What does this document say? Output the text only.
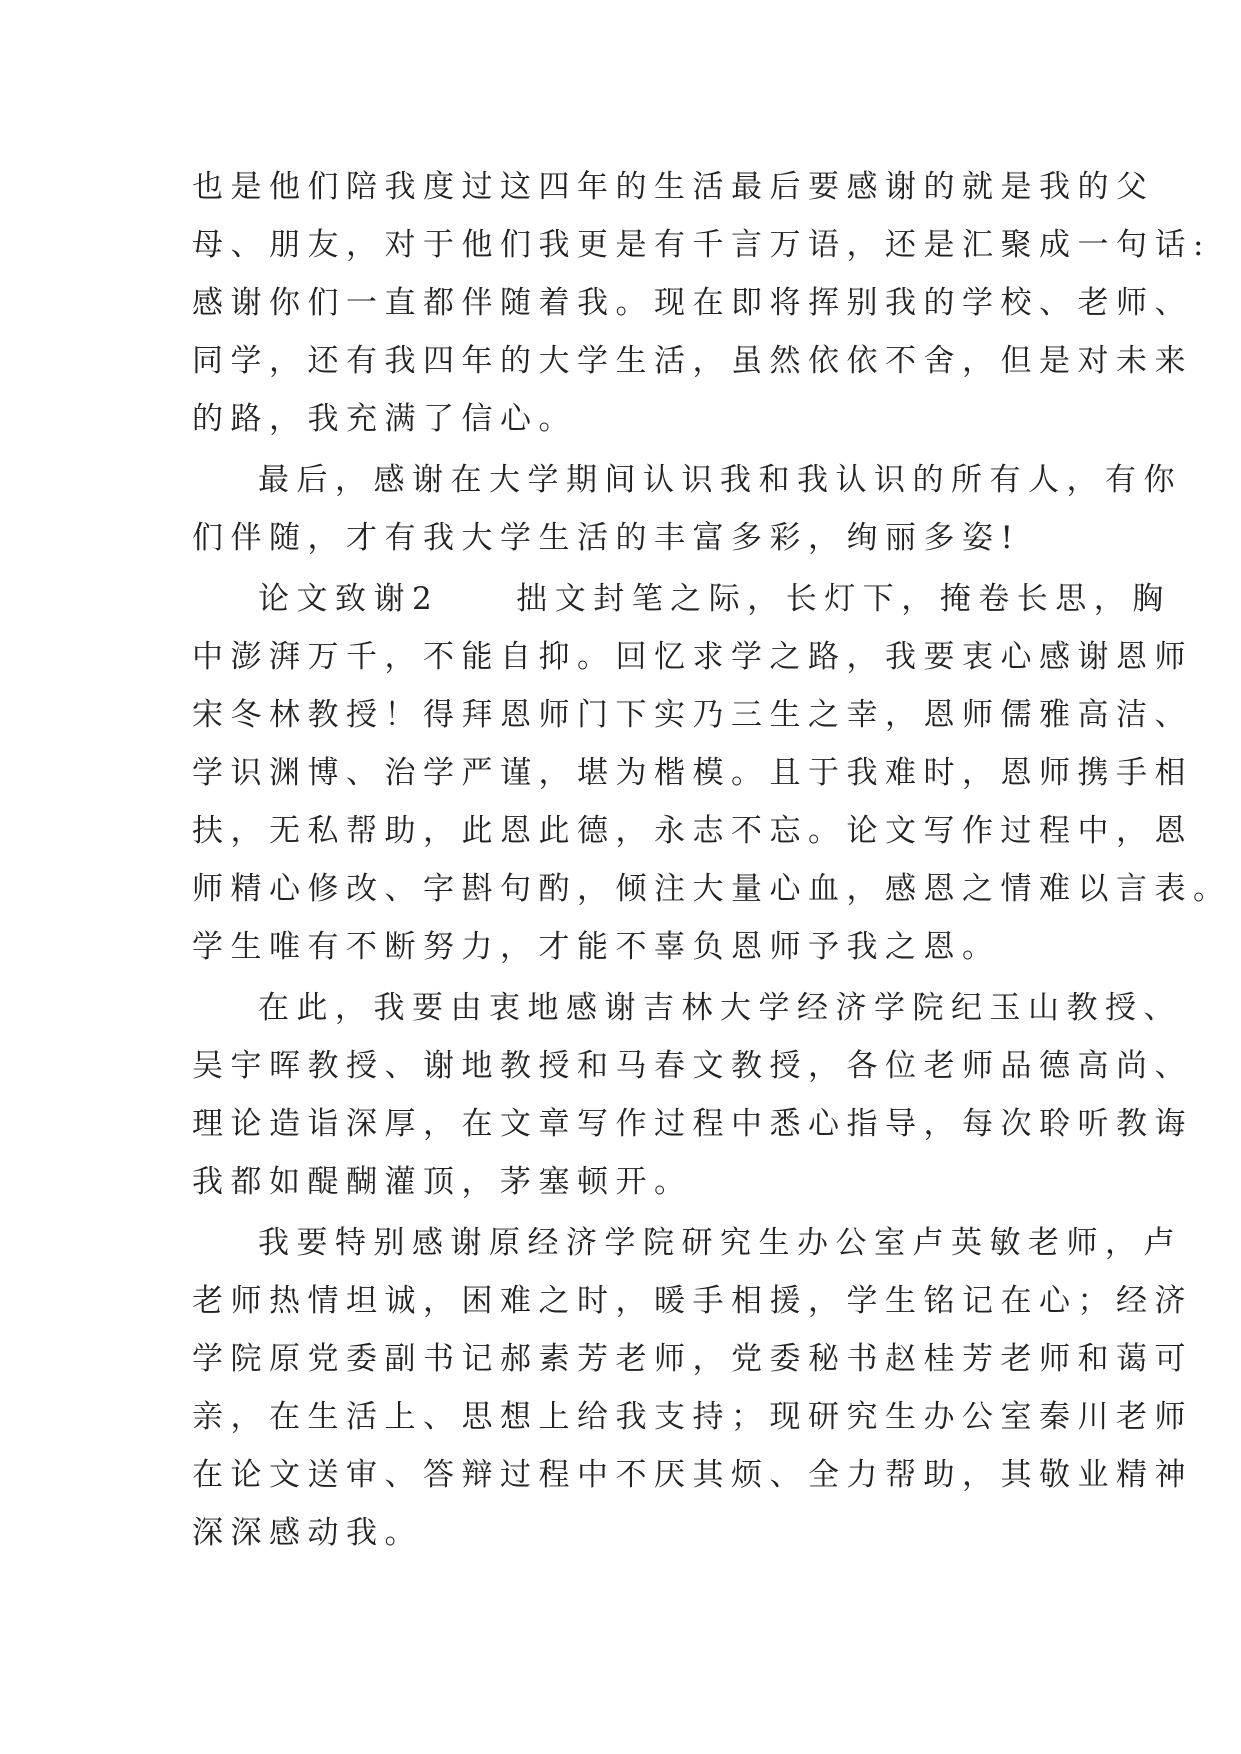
也是他们陪我度过这四年的生活最后要感谢的就是我的父
母、朋友，对于他们我更是有千言万语，还是汇聚成一句话:
感谢你们一直都伴随着我。现在即将挥别我的学校、老师、
同学，还有我四年的大学生活，虽然依依不舍，但是对未来
的路，我充满了信心。
最后，感谢在大学期间认识我和我认识的所有人，有你
们伴随，才有我大学生活的丰富多彩，绚丽多姿!
论文致谢2　　拙文封笔之际，长灯下，掩卷长思，胸
中澎湃万千，不能自抑。回忆求学之路，我要衷心感谢恩师
宋冬林教授！得拜恩师门下实乃三生之幸，恩师儒雅高洁、
学识渊博、治学严谨，堪为楷模。且于我难时，恩师携手相
扶，无私帮助，此恩此德，永志不忘。论文写作过程中，恩
师精心修改、字斟句酌，倾注大量心血，感恩之情难以言表。
学生唯有不断努力，才能不辜负恩师予我之恩。
在此，我要由衷地感谢吉林大学经济学院纪玉山教授、
吴宇晖教授、谢地教授和马春文教授，各位老师品德高尚、
理论造诣深厚，在文章写作过程中悉心指导，每次聆听教诲
我都如醍醐灌顶，茅塞顿开。
我要特别感谢原经济学院研究生办公室卢英敏老师，卢
老师热情坦诚，困难之时，暖手相援，学生铭记在心；经济
学院原党委副书记郝素芳老师，党委秘书赵桂芳老师和蔼可
亲，在生活上、思想上给我支持；现研究生办公室秦川老师
在论文送审、答辩过程中不厌其烦、全力帮助，其敬业精神
深深感动我。
